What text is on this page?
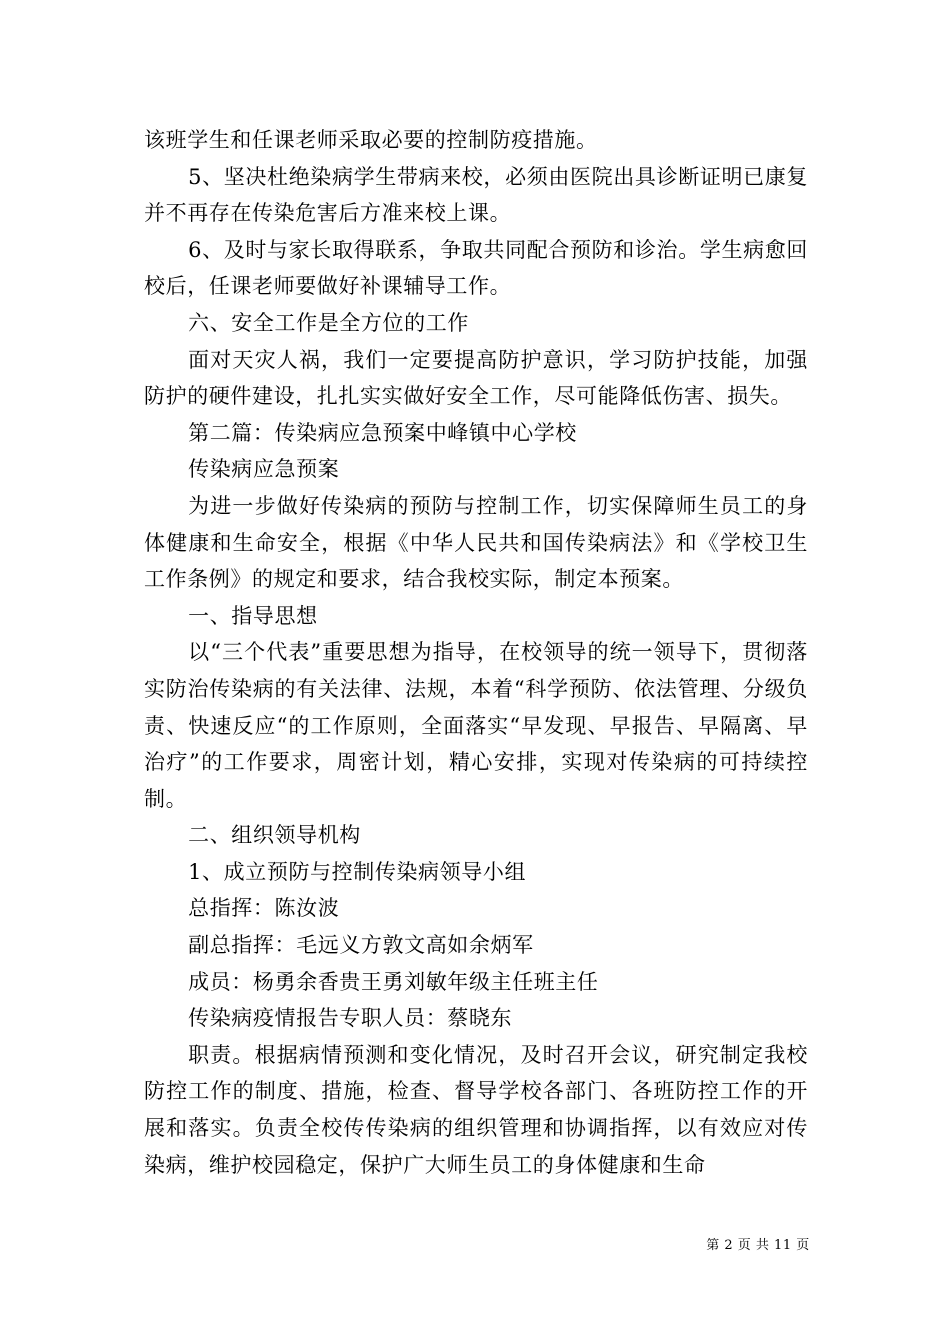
该班学生和任课老师采取必要的控制防疫措施。

5、坚决杜绝染病学生带病来校，必须由医院出具诊断证明已康复并不再存在传染危害后方准来校上课。

6、及时与家长取得联系，争取共同配合预防和诊治。学生病愈回校后，任课老师要做好补课辅导工作。

六、安全工作是全方位的工作

面对天灾人祸，我们一定要提高防护意识，学习防护技能，加强防护的硬件建设，扎扎实实做好安全工作，尽可能降低伤害、损失。

第二篇：传染病应急预案中峰镇中心学校

传染病应急预案

为进一步做好传染病的预防与控制工作，切实保障师生员工的身体健康和生命安全，根据《中华人民共和国传染病法》和《学校卫生工作条例》的规定和要求，结合我校实际，制定本预案。

一、指导思想

以“三个代表”重要思想为指导，在校领导的统一领导下，贯彻落实防治传染病的有关法律、法规，本着“科学预防、依法管理、分级负责、快速反应“的工作原则，全面落实“早发现、早报告、早隔离、早治疗”的工作要求，周密计划，精心安排，实现对传染病的可持续控制。

二、组织领导机构

1、成立预防与控制传染病领导小组

总指挥：陈汝波

副总指挥：毛远义方敦文高如余炳军

成员：杨勇余香贵王勇刘敏年级主任班主任

传染病疫情报告专职人员：蔡晓东

职责。根据病情预测和变化情况，及时召开会议，研究制定我校防控工作的制度、措施，检查、督导学校各部门、各班防控工作的开展和落实。负责全校传传染病的组织管理和协调指挥，以有效应对传染病，维护校园稳定，保护广大师生员工的身体健康和生命

第 2 页 共 11 页
